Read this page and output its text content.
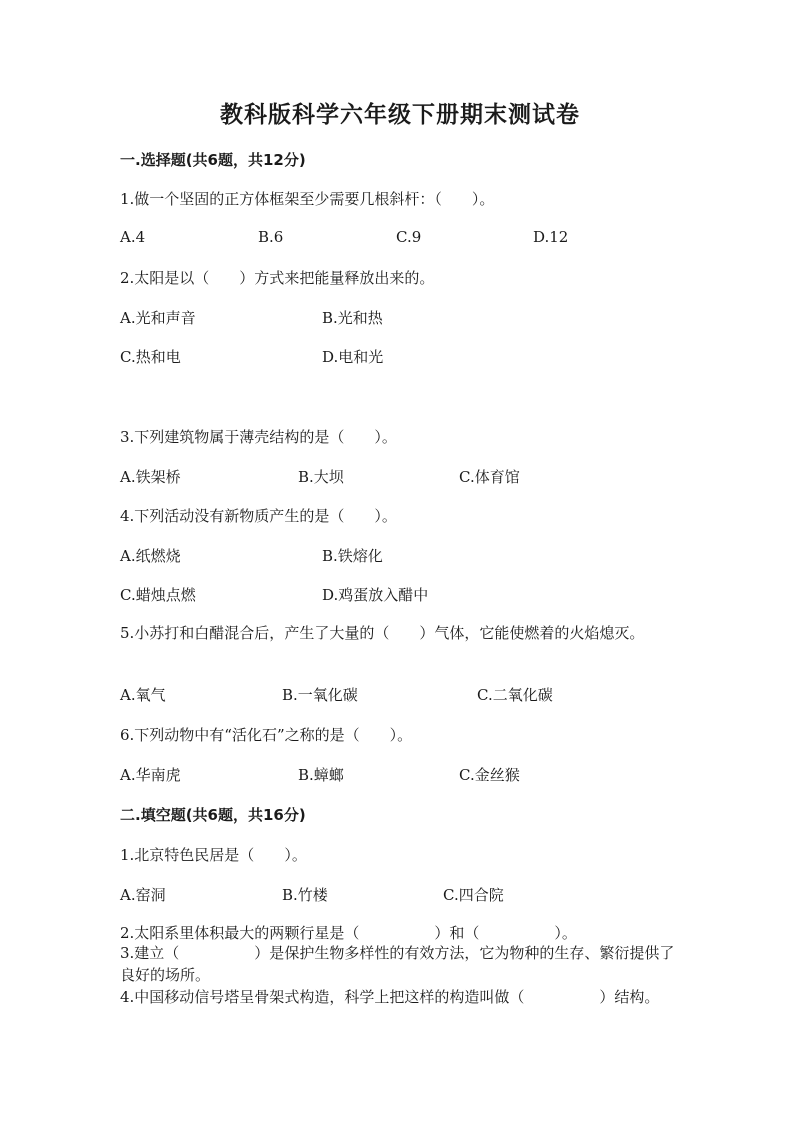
教科版科学六年级下册期末测试卷
一.选择题(共6题，共12分)
1.做一个坚固的正方体框架至少需要几根斜杆：（　　）。
A.4	B.6	C.9	D.12
2.太阳是以（　　）方式来把能量释放出来的。
A.光和声音	B.光和热
C.热和电	D.电和光
3.下列建筑物属于薄壳结构的是（　　）。
A.铁架桥	B.大坝	C.体育馆
4.下列活动没有新物质产生的是（　　）。
A.纸燃烧	B.铁熔化
C.蜡烛点燃	D.鸡蛋放入醋中
5.小苏打和白醋混合后，产生了大量的（　　）气体，它能使燃着的火焰熄灭。
A.氧气	B.一氧化碳	C.二氧化碳
6.下列动物中有“活化石”之称的是（　　）。
A.华南虎	B.蟑螂	C.金丝猴
二.填空题(共6题，共16分)
1.北京特色民居是（　　）。
A.窑洞	B.竹楼	C.四合院
2.太阳系里体积最大的两颗行星是（　　　　　）和（　　　　　）。
3.建立（　　　　　）是保护生物多样性的有效方法，它为物种的生存、繁衍提供了良好的场所。
4.中国移动信号塔呈骨架式构造，科学上把这样的构造叫做（　　　　　）结构。
